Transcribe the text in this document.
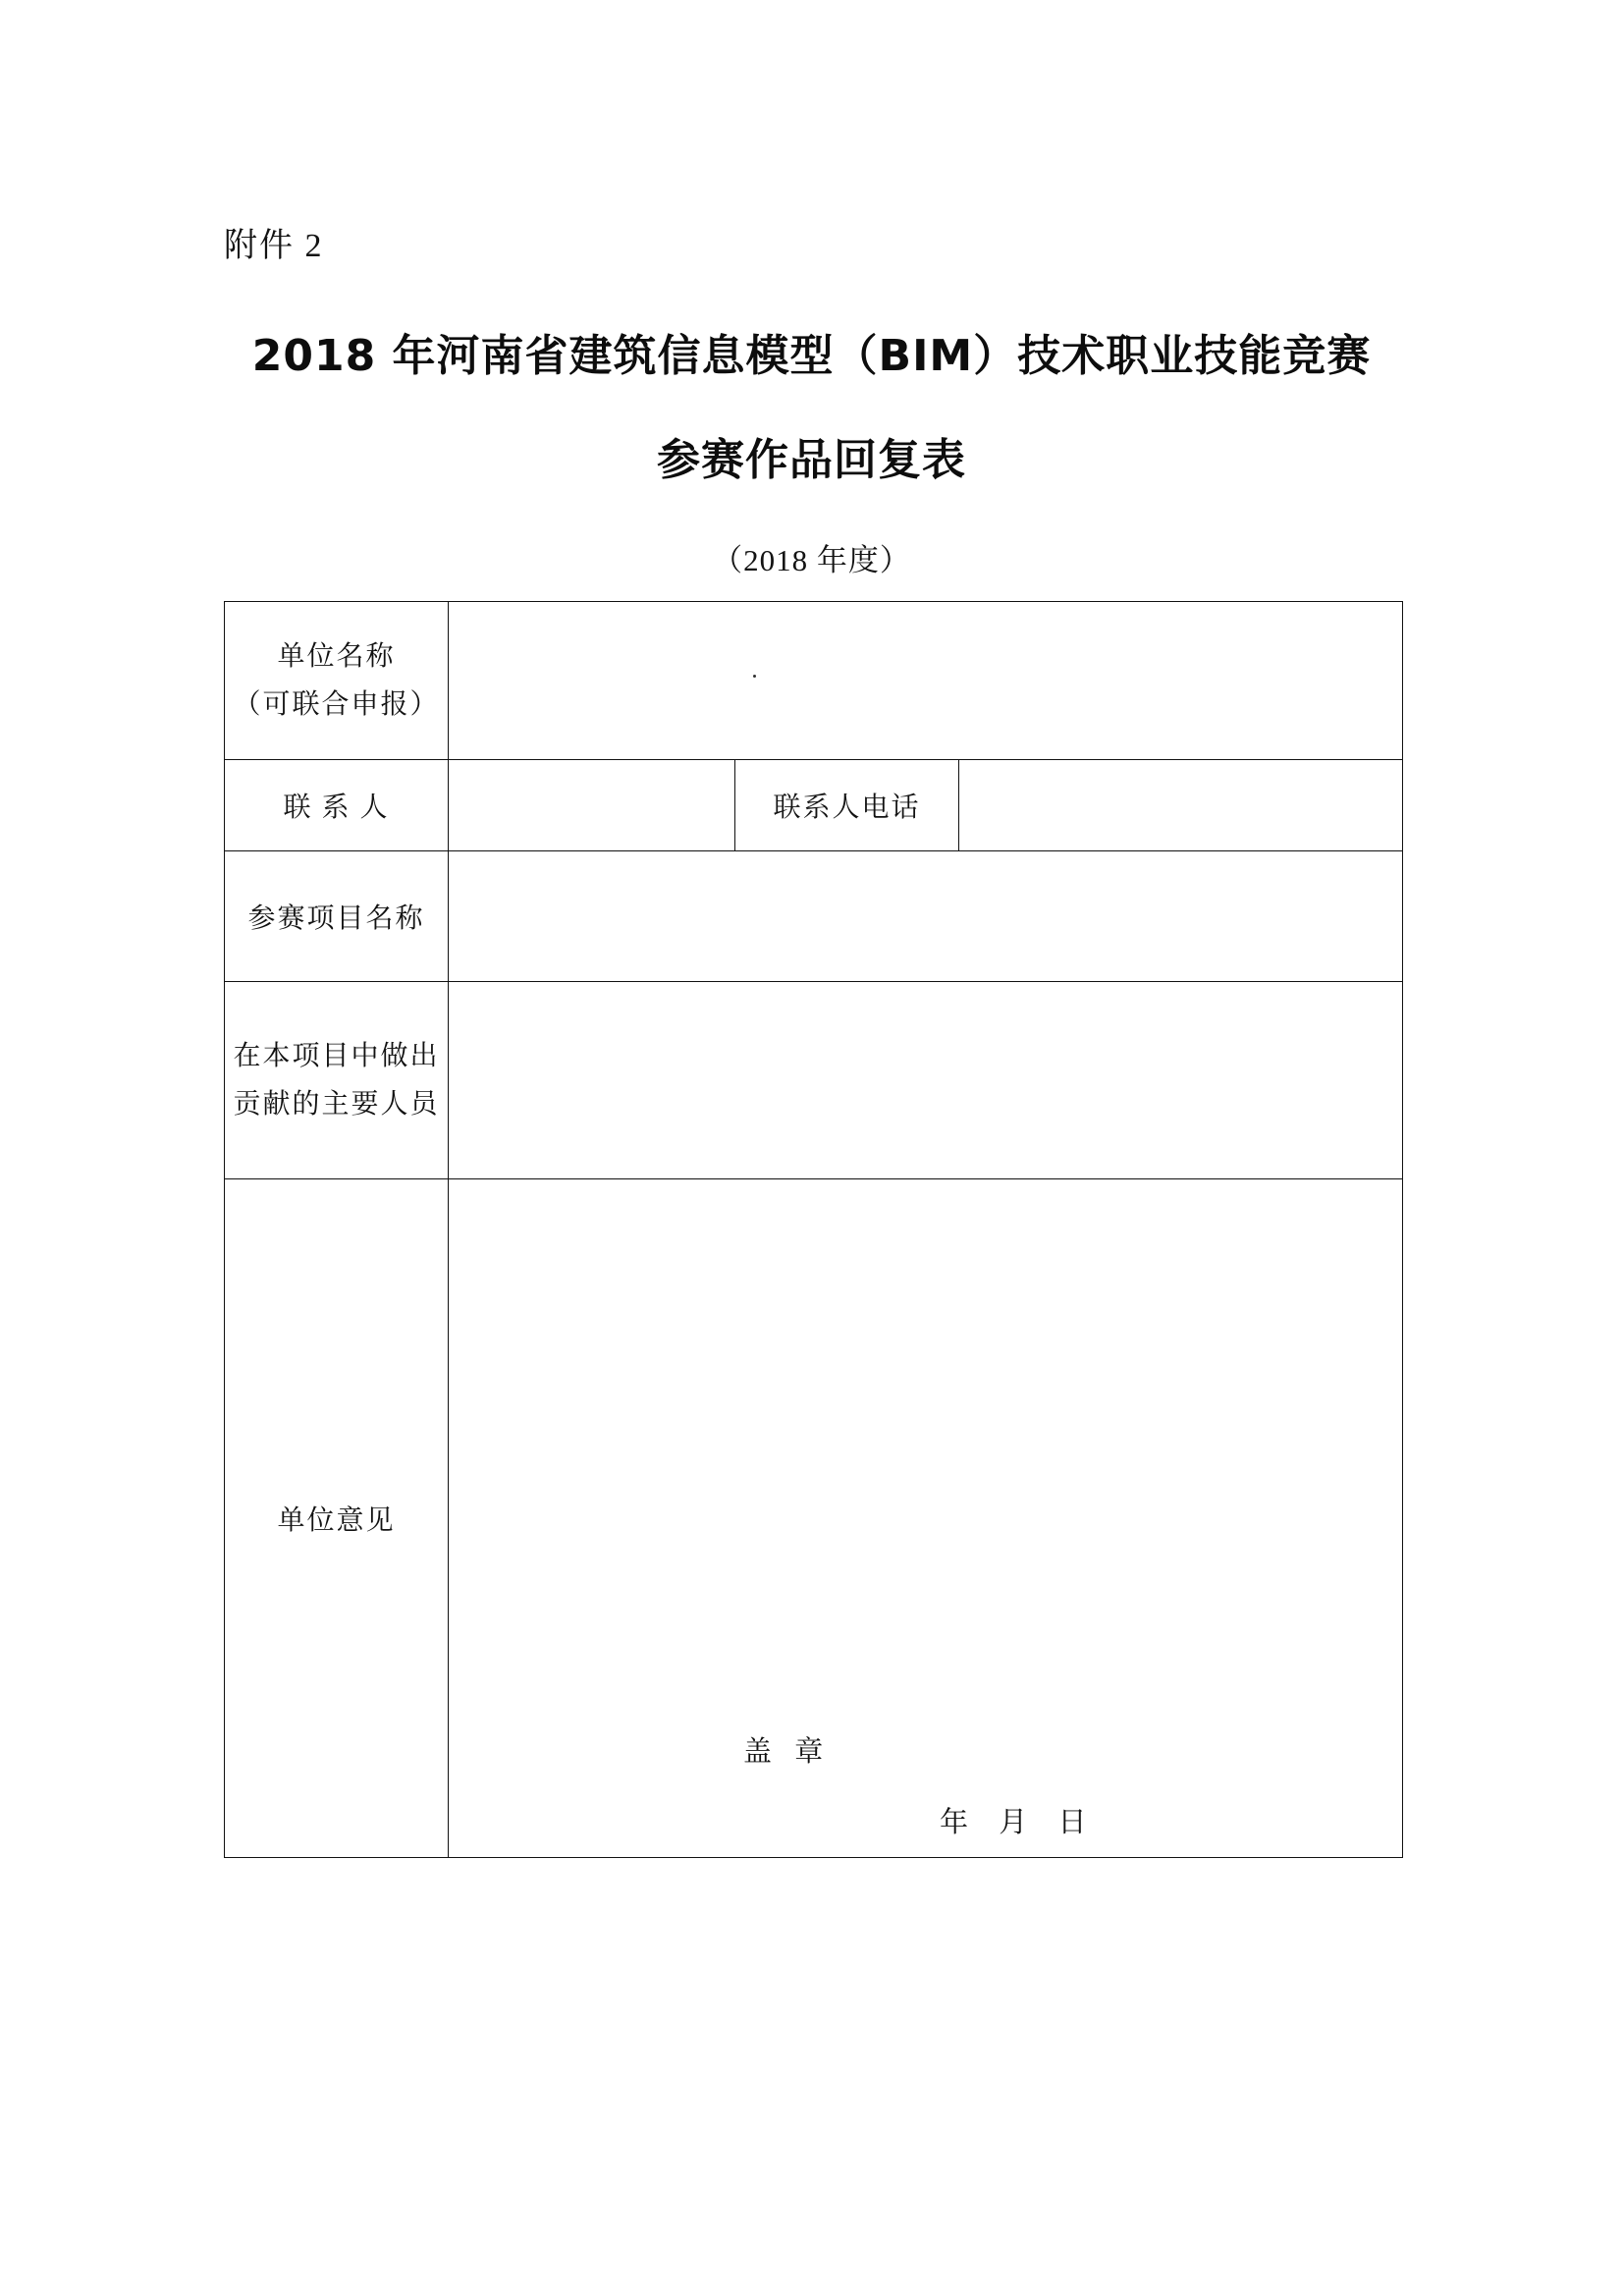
附件 2
2018 年河南省建筑信息模型（BIM）技术职业技能竞赛
参赛作品回复表
（2018 年度）
单位名称
（可联合申报）			

联 系 人		联系人电话	
参赛项目名称			

在本项目中做出
贡献的主要人员			

单位意见	盖 章
年 月 日		
